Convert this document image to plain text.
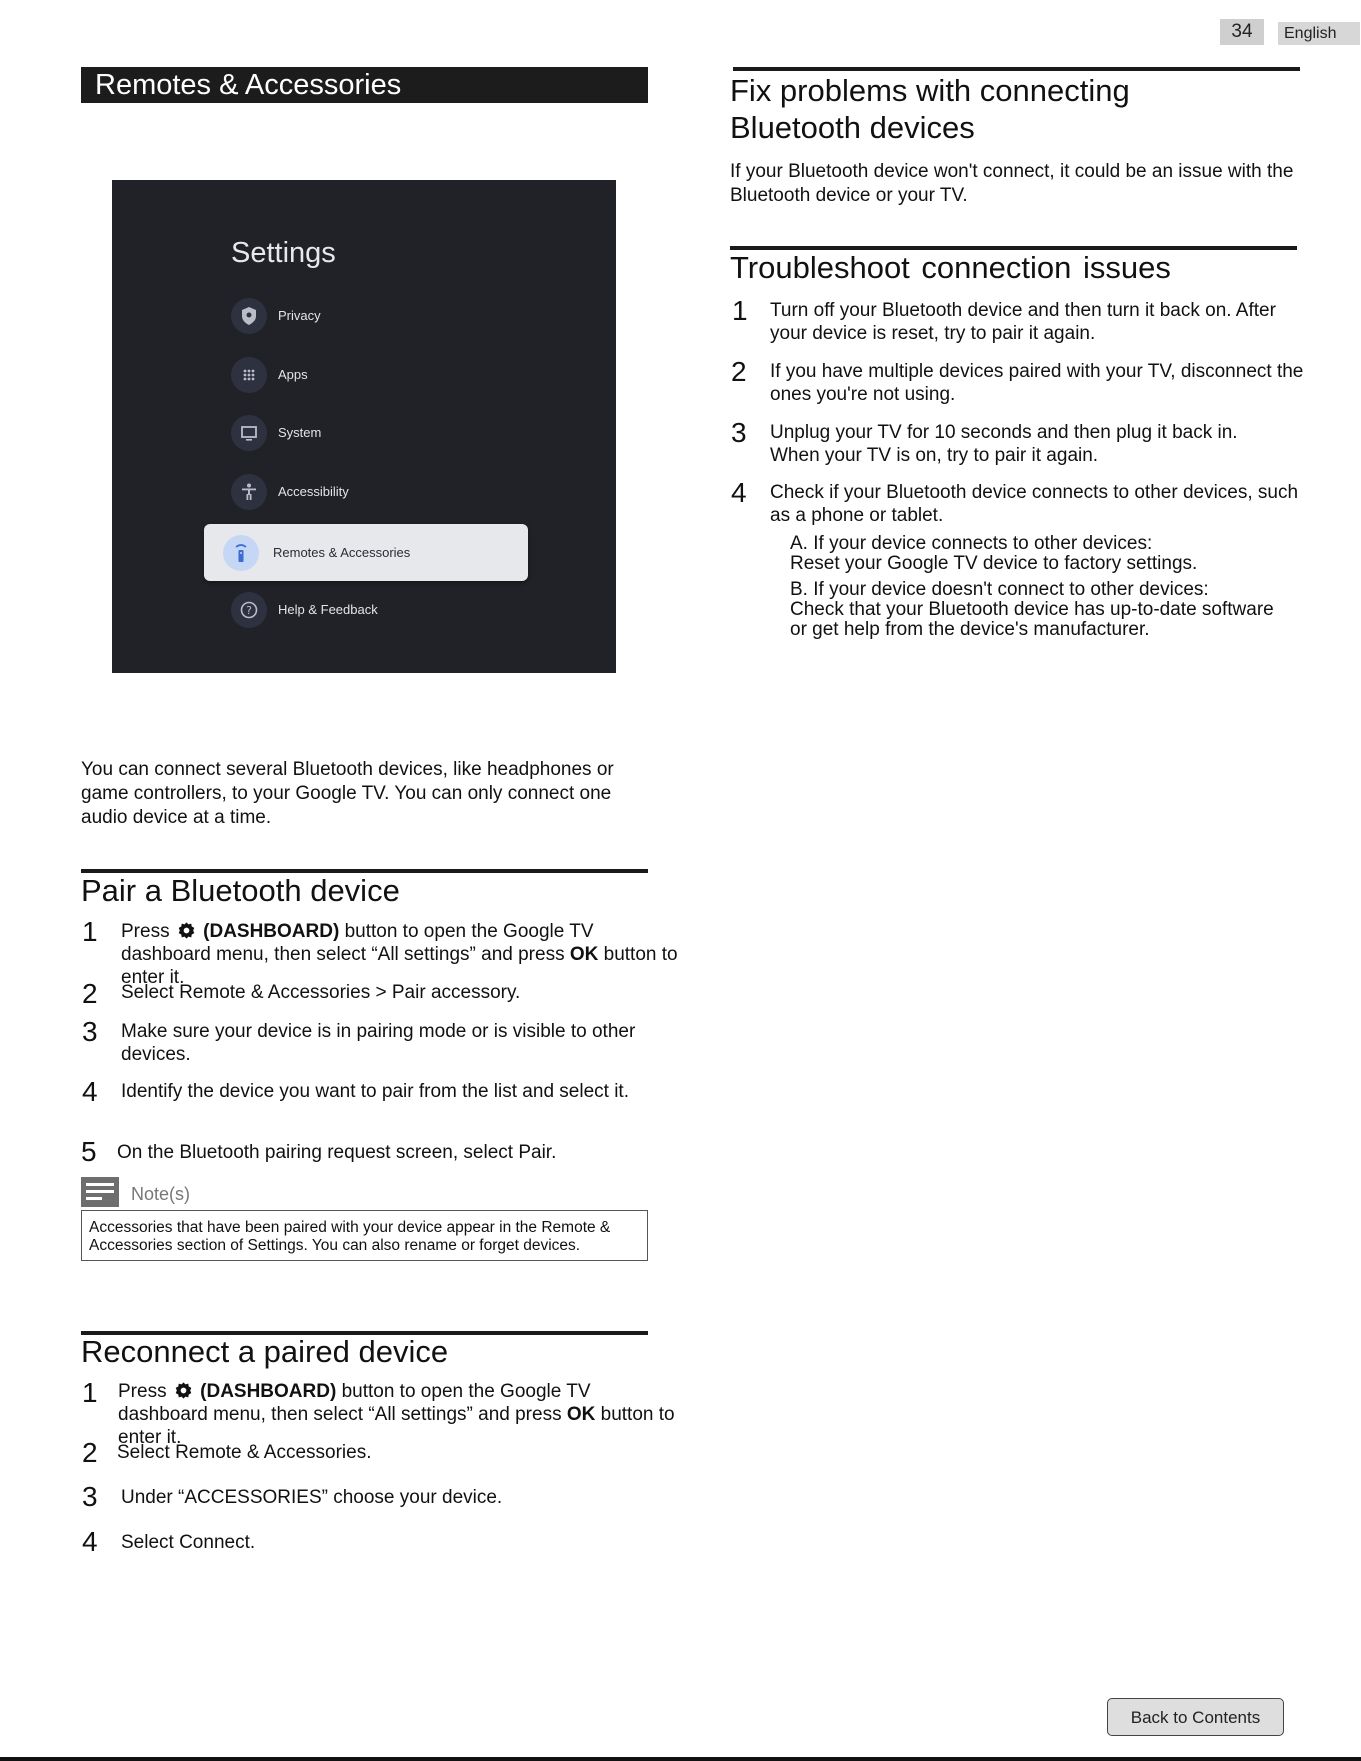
34	English
Remotes & Accessories
Settings
Privacy
Apps
System
Accessibility
Remotes & Accessories
? Help & Feedback
You can connect several Bluetooth devices, like headphones or game controllers, to your Google TV. You can only connect one audio device at a time.
Pair a Bluetooth device
1 Press (DASHBOARD) button to open the Google TV dashboard menu, then select “All settings” and press OK button to enter it.
2 Select Remote & Accessories > Pair accessory.
3 Make sure your device is in pairing mode or is visible to other devices.
4 Identify the device you want to pair from the list and select it.
5 On the Bluetooth pairing request screen, select Pair.
Note(s)
Accessories that have been paired with your device appear in the Remote & Accessories section of Settings. You can also rename or forget devices.
Reconnect a paired device
1 Press (DASHBOARD) button to open the Google TV dashboard menu, then select “All settings” and press OK button to enter it.
2 Select Remote & Accessories.
3 Under “ACCESSORIES” choose your device.
4 Select Connect.
Fix problems with connecting
Bluetooth devices
If your Bluetooth device won't connect, it could be an issue with the Bluetooth device or your TV.
Troubleshoot connection issues
1 Turn off your Bluetooth device and then turn it back on. After your device is reset, try to pair it again.
2 If you have multiple devices paired with your TV, disconnect the ones you're not using.
3 Unplug your TV for 10 seconds and then plug it back in. When your TV is on, try to pair it again.
4 Check if your Bluetooth device connects to other devices, such as a phone or tablet.
A. If your device connects to other devices:
Reset your Google TV device to factory settings.
B. If your device doesn't connect to other devices:
Check that your Bluetooth device has up-to-date software or get help from the device's manufacturer.
Back to Contents
